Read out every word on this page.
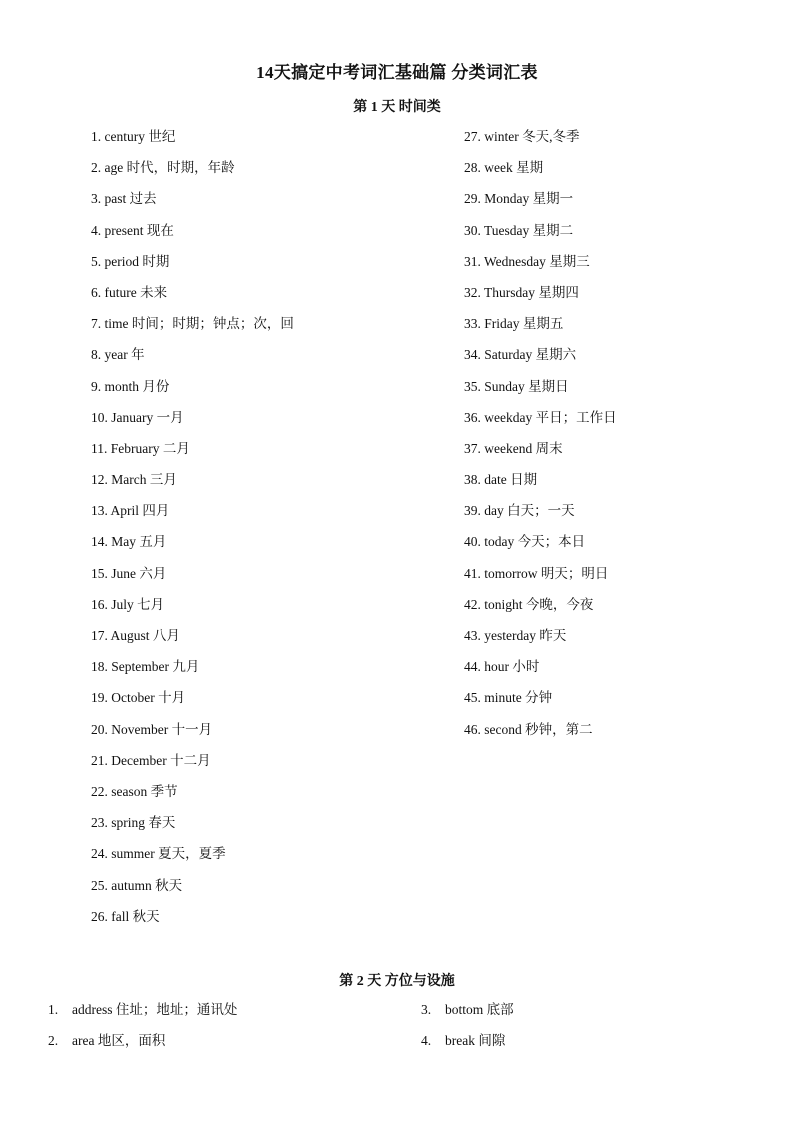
14天搞定中考词汇基础篇 分类词汇表
第 1 天 时间类
1. century 世纪
2. age 时代，时期，年龄
3. past 过去
4. present 现在
5. period 时期
6. future 未来
7. time 时间；时期；钟点；次，回
8. year 年
9. month 月份
10. January 一月
11. February 二月
12. March 三月
13. April 四月
14. May 五月
15. June 六月
16. July 七月
17. August 八月
18. September 九月
19. October 十月
20. November 十一月
21. December 十二月
22. season 季节
23. spring 春天
24. summer 夏天，夏季
25. autumn 秋天
26. fall 秋天
27. winter 冬天,冬季
28. week 星期
29. Monday 星期一
30. Tuesday 星期二
31. Wednesday 星期三
32. Thursday 星期四
33. Friday 星期五
34. Saturday 星期六
35. Sunday 星期日
36. weekday 平日；工作日
37. weekend 周末
38. date 日期
39. day 白天；一天
40. today 今天；本日
41. tomorrow 明天；明日
42. tonight 今晚，今夜
43. yesterday 昨天
44. hour 小时
45. minute 分钟
46. second 秒钟，第二
第 2 天 方位与设施
1. address 住址；地址；通讯处	3. bottom 底部
2. area 地区，面积	4. break 间隙
